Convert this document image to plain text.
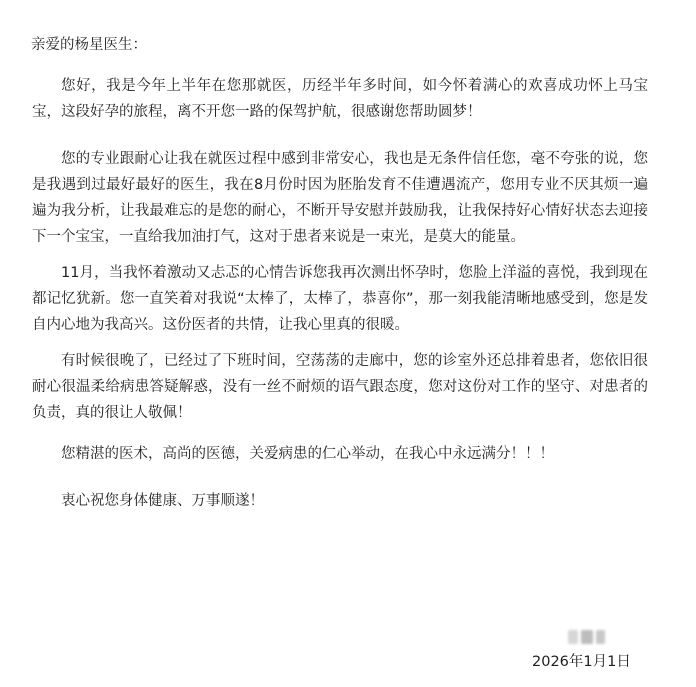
亲爱的杨星医生：

您好，我是今年上半年在您那就医，历经半年多时间，如今怀着满心的欢喜成功怀上马宝宝，这段好孕的旅程，离不开您一路的保驾护航，很感谢您帮助圆梦！

您的专业跟耐心让我在就医过程中感到非常安心，我也是无条件信任您，毫不夸张的说，您是我遇到过最好最好的医生，我在8月份时因为胚胎发育不佳遭遇流产，您用专业不厌其烦一遍遍为我分析，让我最难忘的是您的耐心，不断开导安慰并鼓励我，让我保持好心情好状态去迎接下一个宝宝，一直给我加油打气，这对于患者来说是一束光，是莫大的能量。

11月，当我怀着激动又忐忑的心情告诉您我再次测出怀孕时，您脸上洋溢的喜悦，我到现在都记忆犹新。您一直笑着对我说“太棒了，太棒了，恭喜你”，那一刻我能清晰地感受到，您是发自内心地为我高兴。这份医者的共情，让我心里真的很暖。

有时候很晚了，已经过了下班时间，空荡荡的走廊中，您的诊室外还总排着患者，您依旧很耐心很温柔给病患答疑解惑，没有一丝不耐烦的语气跟态度，您对这份对工作的坚守、对患者的负责，真的很让人敬佩！

您精湛的医术，高尚的医德，关爱病患的仁心举动，在我心中永远满分！！！

衷心祝您身体健康、万事顺遂！

2026年1月1日
